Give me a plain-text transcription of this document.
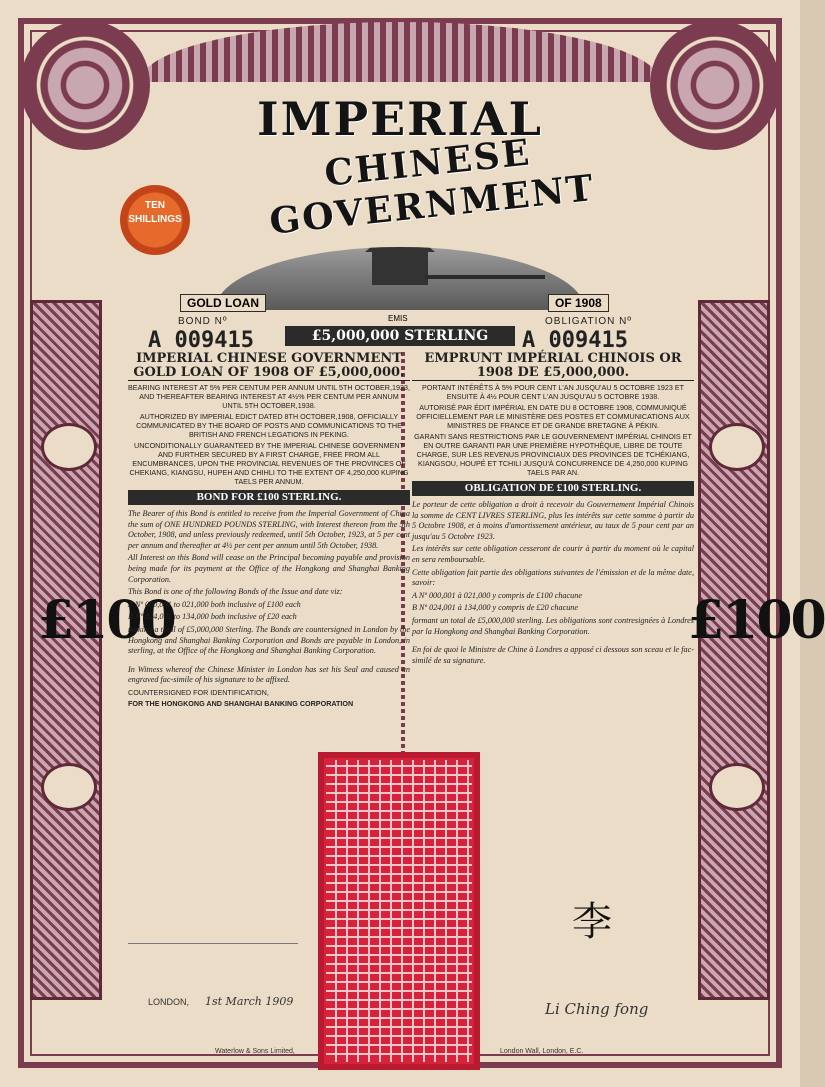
IMPERIAL
CHINESE GOVERNMENT
TEN SHILLINGS
GOLD LOAN	OF 1908
BOND Nº
A 009415
OBLIGATION Nº
A 009415
EMIS
£5,000,000 STERLING
£100	£100
IMPERIAL CHINESE GOVERNMENT GOLD LOAN OF 1908 OF £5,000,000.
BEARING INTEREST AT 5% PER CENTUM PER ANNUM UNTIL 5TH OCTOBER,1923, AND THEREAFTER BEARING INTEREST AT 4½% PER CENTUM PER ANNUM UNTIL 5TH OCTOBER,1938.
AUTHORIZED BY IMPERIAL EDICT DATED 8TH OCTOBER,1908, OFFICIALLY COMMUNICATED BY THE BOARD OF POSTS AND COMMUNICATIONS TO THE BRITISH AND FRENCH LEGATIONS IN PEKING.
UNCONDITIONALLY GUARANTEED BY THE IMPERIAL CHINESE GOVERNMENT AND FURTHER SECURED BY A FIRST CHARGE, FREE FROM ALL ENCUMBRANCES, UPON THE PROVINCIAL REVENUES OF THE PROVINCES OF CHEKIANG, KIANGSU, HUPEH AND CHIHLI TO THE EXTENT OF 4,250,000 KUPING TAELS PER ANNUM.
BOND FOR £100 STERLING.

The Bearer of this Bond is entitled to receive from the Imperial Government of China the sum of ONE HUNDRED POUNDS STERLING, with Interest thereon from the 5th October, 1908, and unless previously redeemed, until 5th October, 1923, at 5 per cent per annum and thereafter at 4½ per cent per annum until 5th October, 1938.

All Interest on this Bond will cease on the Principal becoming payable and provision being made for its payment at the Office of the Hongkong and Shanghai Banking Corporation.

This Bond is one of the following Bonds of the Issue and date viz:

A Nº 000,001 to 021,000 both inclusive of £100 each

B Nº 024,001 to 134,000 both inclusive of £20 each

making a total of £5,000,000 Sterling. The Bonds are countersigned in London by the Hongkong and Shanghai Banking Corporation and Bonds are payable in London, in sterling, at the Office of the Hongkong and Shanghai Banking Corporation.

In Witness whereof the Chinese Minister in London has set his Seal and caused an engraved fac-simile of his signature to be affixed.

COUNTERSIGNED FOR IDENTIFICATION,
FOR THE HONGKONG AND SHANGHAI BANKING CORPORATION
EMPRUNT IMPÉRIAL CHINOIS OR 1908 DE £5,000,000.
PORTANT INTÉRÊTS À 5% POUR CENT L'AN JUSQU'AU 5 OCTOBRE 1923 ET ENSUITE À 4½ POUR CENT L'AN JUSQU'AU 5 OCTOBRE 1938.
AUTORISÉ PAR ÉDIT IMPÉRIAL EN DATE DU 8 OCTOBRE 1908, COMMUNIQUÉ OFFICIELLEMENT PAR LE MINISTÈRE DES POSTES ET COMMUNICATIONS AUX MINISTRES DE FRANCE ET DE GRANDE BRETAGNE À PÉKIN.
GARANTI SANS RESTRICTIONS PAR LE GOUVERNEMENT IMPÉRIAL CHINOIS ET EN OUTRE GARANTI PAR UNE PREMIÈRE HYPOTHÈQUE, LIBRE DE TOUTE CHARGE, SUR LES REVENUS PROVINCIAUX DES PROVINCES DE TCHÉKIANG, KIANGSOU, HOUPÉ ET TCHILI JUSQU'À CONCURRENCE DE 4,250,000 KUPING TAELS PAR AN.
OBLIGATION DE £100 STERLING.

Le porteur de cette obligation a droit à recevoir du Gouvernement Impérial Chinois la somme de CENT LIVRES STERLING, plus les intérêts sur cette somme à partir du 5 Octobre 1908, et à moins d'amortissement antérieur, au taux de 5 pour cent par an jusqu'au 5 Octobre 1923.

Les intérêts sur cette obligation cesseront de courir à partir du moment où le capital en sera remboursable.

Cette obligation fait partie des obligations suivantes de l'émission et de la même date, savoir:

A Nº 000,001 à 021,000 y compris de £100 chacune

B Nº 024,001 à 134,000 y compris de £20 chacune

formant un total de £5,000,000 sterling. Les obligations sont contresignées à Londres par la Hongkong and Shanghai Banking Corporation.

En foi de quoi le Ministre de Chine à Londres a apposé ci dessous son sceau et le fac-similé de sa signature.

李
Li Ching fong
LONDON, 1st March 1909
Waterlow & Sons Limited,	London Wall, London, E.C.
